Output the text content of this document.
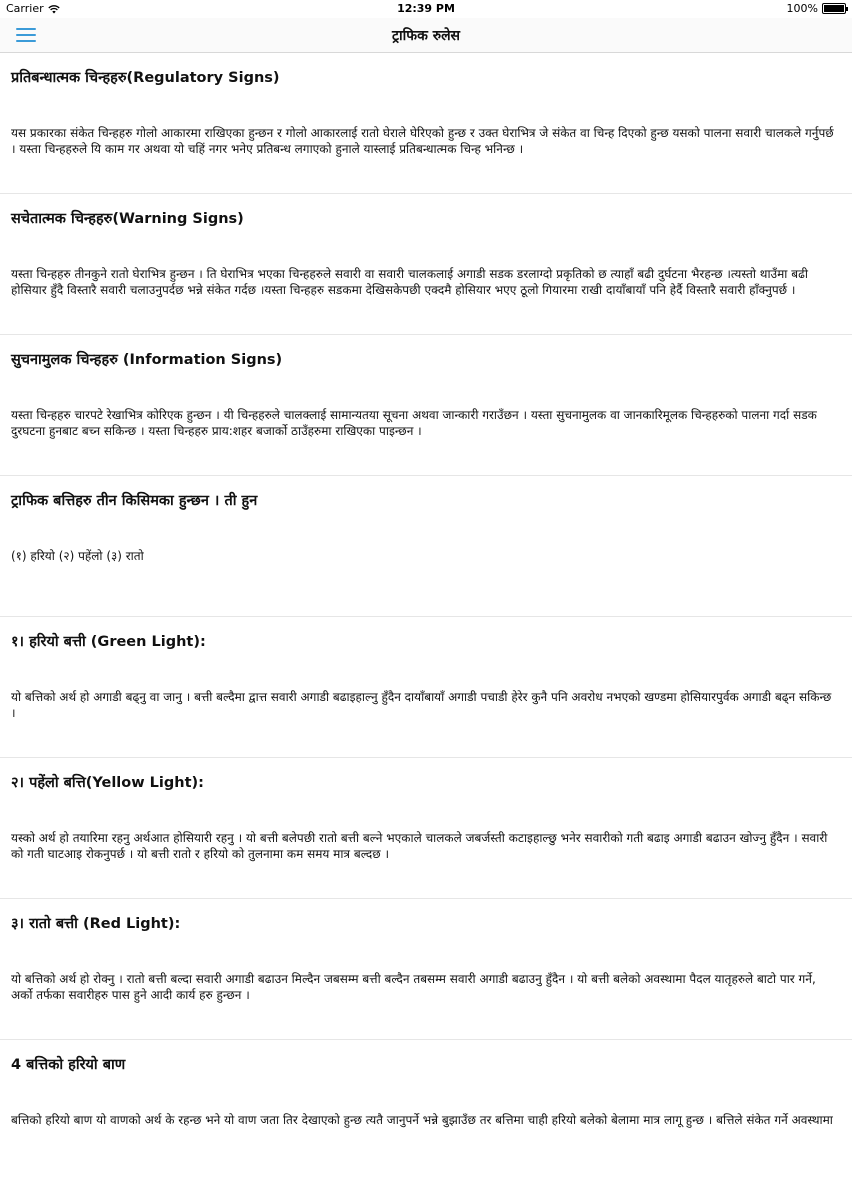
Carrier	12:39 PM	100%
ट्राफिक रुलेस
प्रतिबन्धात्मक चिन्हहरु(Regulatory Signs)

यस प्रकारका संकेत चिन्हहरु गोलो आकारमा राखिएका हुन्छन र गोलो आकारलाई रातो घेराले घेरिएको हुन्छ र उक्त घेराभित्र जे संकेत वा चिन्ह दिएको हुन्छ यसको पालना सवारी चालकले गर्नुपर्छ । यस्ता चिन्हहरुले यि काम गर अथवा यो चहिं नगर भनेए प्रतिबन्ध लगाएको हुनाले यास्लाई प्रतिबन्धात्मक चिन्ह भनिन्छ ।

सचेतात्मक चिन्हहरु(Warning Signs)

यस्ता चिन्हहरु तीनकुने रातो घेराभित्र हुन्छन । ति घेराभित्र भएका चिन्हहरुले सवारी वा सवारी चालकलाई अगाडी सडक डरलाग्दो प्रकृतिको छ त्याहाँ बढी दुर्घटना भैरहन्छ ।त्यस्तो थाउँमा बढी होसियार हुँदै विस्तारै सवारी चलाउनुपर्दछ भन्ने संकेत गर्दछ ।यस्ता चिन्हहरु सडकमा देखिसकेपछी एक्दमै होसियार भएए ठूलो गियारमा राखी दायाँबायाँ पनि हेर्दै विस्तारै सवारी हाँक्नुपर्छ ।

सुचनामुलक चिन्हहरु (Information Signs)

यस्ता चिन्हहरु चारपटे रेखाभित्र कोरिएक हुन्छन । यी चिन्हहरुले चालक्लाई सामान्यतया सूचना अथवा जान्कारी गराउँछन । यस्ता सुचनामुलक वा जानकारिमूलक चिन्हहरुको पालना गर्दा सडक दुरघटना हुनबाट बच्न सकिन्छ । यस्ता चिन्हहरु प्राय:शहर बजार्को ठाउँहरुमा राखिएका पाइन्छन ।

ट्राफिक बत्तिहरु तीन किसिमका हुन्छन । ती हुन

(१) हरियो (२) पहेंलो (३) रातो

१। हरियो बत्ती (Green Light):

यो बत्तिको अर्थ हो अगाडी बढ्नु वा जानु । बत्ती बल्दैमा द्वात्त सवारी अगाडी बढाइहाल्नु हुँदैन दायाँबायाँ अगाडी पचाडी हेरेर कुनै पनि अवरोध नभएको खण्डमा होसियारपुर्वक अगाडी बढ्न सकिन्छ ।

२। पहेंलो बत्ति(Yellow Light):

यस्को अर्थ हो तयारिमा रहनु अर्थआत होसियारी रहनु । यो बत्ती बलेपछी रातो बत्ती बल्ने भएकाले चालकले जबर्जस्ती कटाइहाल्छु भनेर सवारीको गती बढाइ अगाडी बढाउन खोज्नु हुँदैन । सवारी को गती घाटआइ रोकनुपर्छ । यो बत्ती रातो र हरियो को तुलनामा कम समय मात्र बल्दछ ।

३। रातो बत्ती (Red Light):

यो बत्तिको अर्थ हो रोक्नु । रातो बत्ती बल्दा सवारी अगाडी बढाउन मिल्दैन जबसम्म बत्ती बल्दैन तबसम्म सवारी अगाडी बढाउनु हुँदैन । यो बत्ती बलेको अवस्थामा पैदल यातृहरुले बाटो पार गर्ने, अर्को तर्फका सवारीहरु पास हुने आदी कार्य हरु हुन्छन ।

4 बत्तिको हरियो बाण

बत्तिको हरियो बाण यो वाणको अर्थ के रहन्छ भने यो वाण जता तिर देखाएको हुन्छ त्यतै जानुपर्ने भन्ने बुझाउँछ तर बत्तिमा चाही हरियो बलेको बेलामा मात्र लागू हुन्छ । बत्तिले संकेत गर्ने अवस्थामा
